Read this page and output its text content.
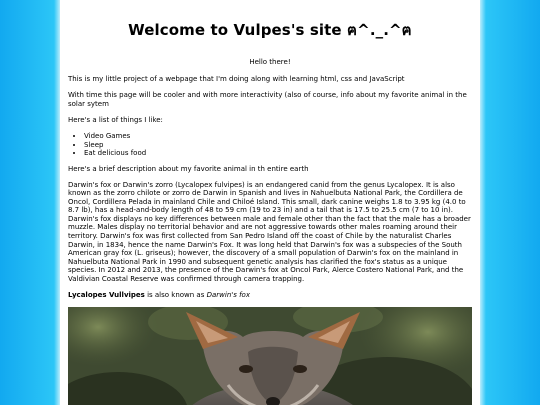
Welcome to Vulpes's site ฅ^._.^ฅ

Hello there!

This is my little project of a webpage that I'm doing along with learning html, css and JavaScript

With time this page will be cooler and with more interactivity (also of course, info about my favorite animal in the solar sytem

Here's a list of things I like:

• Video Games
• Sleep
• Eat delicious food

Here's a brief description about my favorite animal in th entire earth

Darwin's fox or Darwin's zorro (Lycalopex fulvipes) is an endangered canid from the genus Lycalopex. It is also known as the zorro chilote or zorro de Darwin in Spanish and lives in Nahuelbuta National Park, the Cordillera de Oncol, Cordillera Pelada in mainland Chile and Chiloé Island. This small, dark canine weighs 1.8 to 3.95 kg (4.0 to 8.7 lb), has a head-and-body length of 48 to 59 cm (19 to 23 in) and a tail that is 17.5 to 25.5 cm (7 to 10 in). Darwin's fox displays no key differences between male and female other than the fact that the male has a broader muzzle. Males display no territorial behavior and are not aggressive towards other males roaming around their territory. Darwin's fox was first collected from San Pedro Island off the coast of Chile by the naturalist Charles Darwin, in 1834, hence the name Darwin's Fox. It was long held that Darwin's fox was a subspecies of the South American gray fox (L. griseus); however, the discovery of a small population of Darwin's fox on the mainland in Nahuelbuta National Park in 1990 and subsequent genetic analysis has clarified the fox's status as a unique species. In 2012 and 2013, the presence of the Darwin's fox at Oncol Park, Alerce Costero National Park, and the Valdivian Coastal Reserve was confirmed through camera trapping.

Lycalopes Vullvipes is also known as Darwin's fox
